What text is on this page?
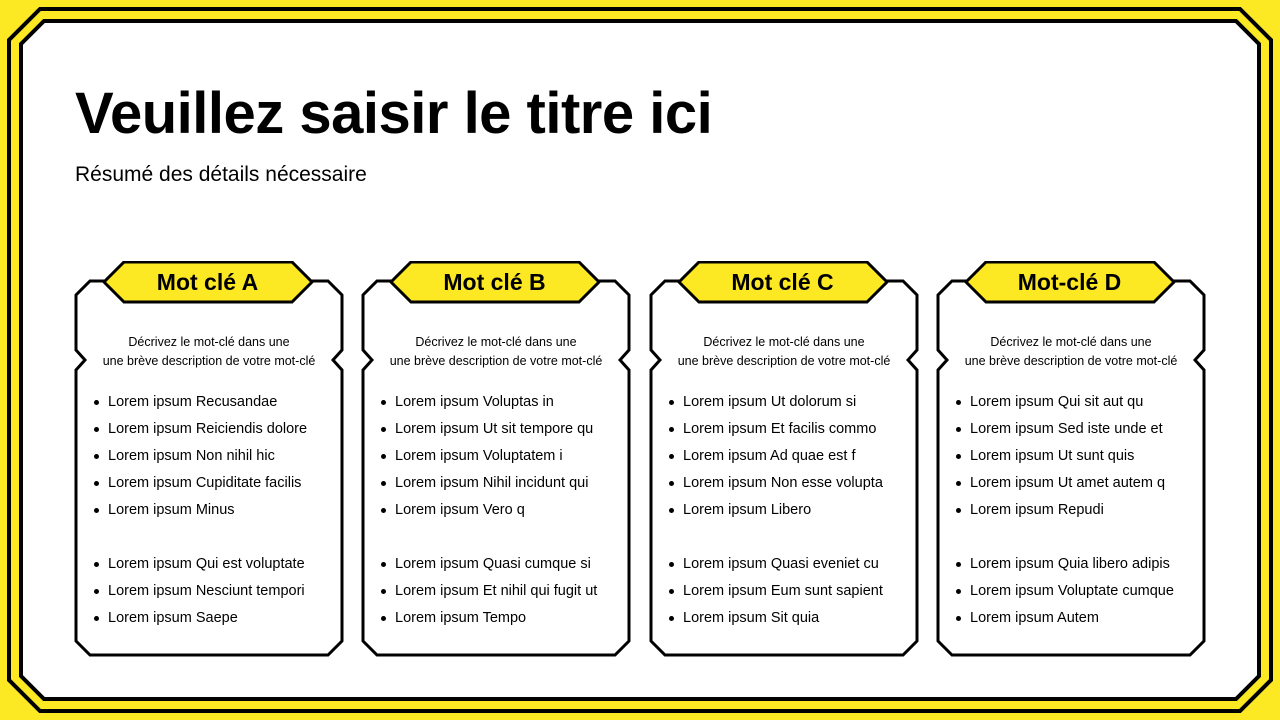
Veuillez saisir le titre ici

Résumé des détails nécessaire

Mot clé A
Décrivez le mot-clé dans une
une brève description de votre mot-clé
Lorem ipsum Recusandae
Lorem ipsum Reiciendis dolore
Lorem ipsum Non nihil hic
Lorem ipsum Cupiditate facilis
Lorem ipsum Minus
Lorem ipsum Qui est voluptate
Lorem ipsum Nesciunt tempori
Lorem ipsum Saepe
Mot clé B
Décrivez le mot-clé dans une
une brève description de votre mot-clé
Lorem ipsum Voluptas in
Lorem ipsum Ut sit tempore qu
Lorem ipsum Voluptatem i
Lorem ipsum Nihil incidunt qui
Lorem ipsum Vero q
Lorem ipsum Quasi cumque si
Lorem ipsum Et nihil qui fugit ut
Lorem ipsum Tempo
Mot clé C
Décrivez le mot-clé dans une
une brève description de votre mot-clé
Lorem ipsum Ut dolorum si
Lorem ipsum Et facilis commo
Lorem ipsum Ad quae est f
Lorem ipsum Non esse volupta
Lorem ipsum Libero
Lorem ipsum Quasi eveniet cu
Lorem ipsum Eum sunt sapient
Lorem ipsum Sit quia
Mot-clé D
Décrivez le mot-clé dans une
une brève description de votre mot-clé
Lorem ipsum Qui sit aut qu
Lorem ipsum Sed iste unde et
Lorem ipsum Ut sunt quis
Lorem ipsum Ut amet autem q
Lorem ipsum Repudi
Lorem ipsum Quia libero adipis
Lorem ipsum Voluptate cumque
Lorem ipsum Autem
